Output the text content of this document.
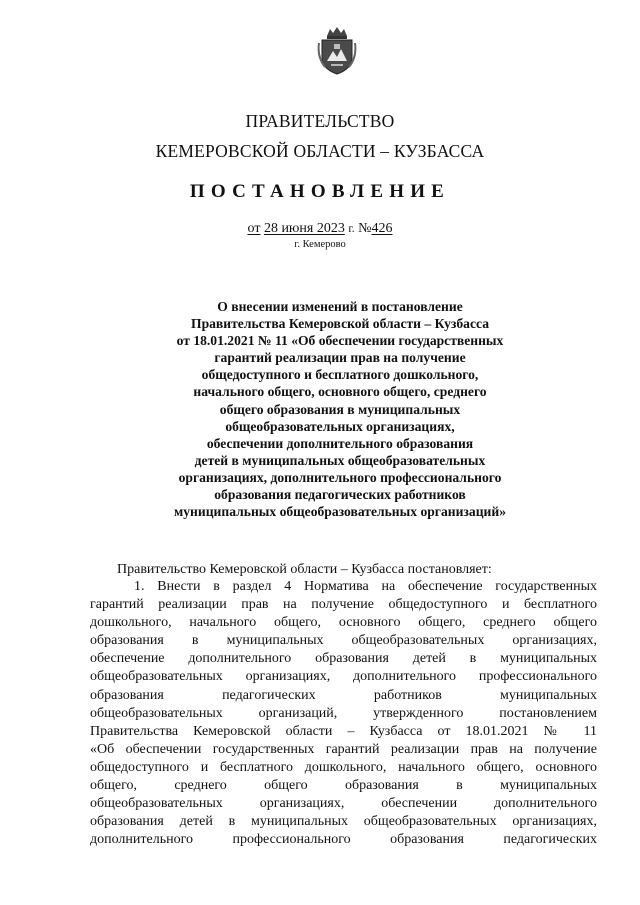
ПРАВИТЕЛЬСТВО
КЕМЕРОВСКОЙ ОБЛАСТИ – КУЗБАССА
ПОСТАНОВЛЕНИЕ
от 28 июня 2023 г. №426
г. Кемерово
О внесении изменений в постановление
Правительства Кемеровской области – Кузбасса
от 18.01.2021 № 11 «Об обеспечении государственных
гарантий реализации прав на получение
общедоступного и бесплатного дошкольного,
начального общего, основного общего, среднего
общего образования в муниципальных
общеобразовательных организациях,
обеспечении дополнительного образования
детей в муниципальных общеобразовательных
организациях, дополнительного профессионального
образования педагогических работников
муниципальных общеобразовательных организаций»
Правительство Кемеровской области – Кузбасса постановляет:
1. Внести в раздел 4 Норматива на обеспечение государственных
гарантий реализации прав на получение общедоступного и бесплатного
дошкольного, начального общего, основного общего, среднего общего
образования в муниципальных общеобразовательных организациях,
обеспечение дополнительного образования детей в муниципальных
общеобразовательных организациях, дополнительного профессионального
образования педагогических работников муниципальных
общеобразовательных организаций, утвержденного постановлением
Правительства Кемеровской области – Кузбасса от 18.01.2021 № 11
«Об обеспечении государственных гарантий реализации прав на получение
общедоступного и бесплатного дошкольного, начального общего, основного
общего, среднего общего образования в муниципальных
общеобразовательных организациях, обеспечении дополнительного
образования детей в муниципальных общеобразовательных организациях,
дополнительного профессионального образования педагогических
